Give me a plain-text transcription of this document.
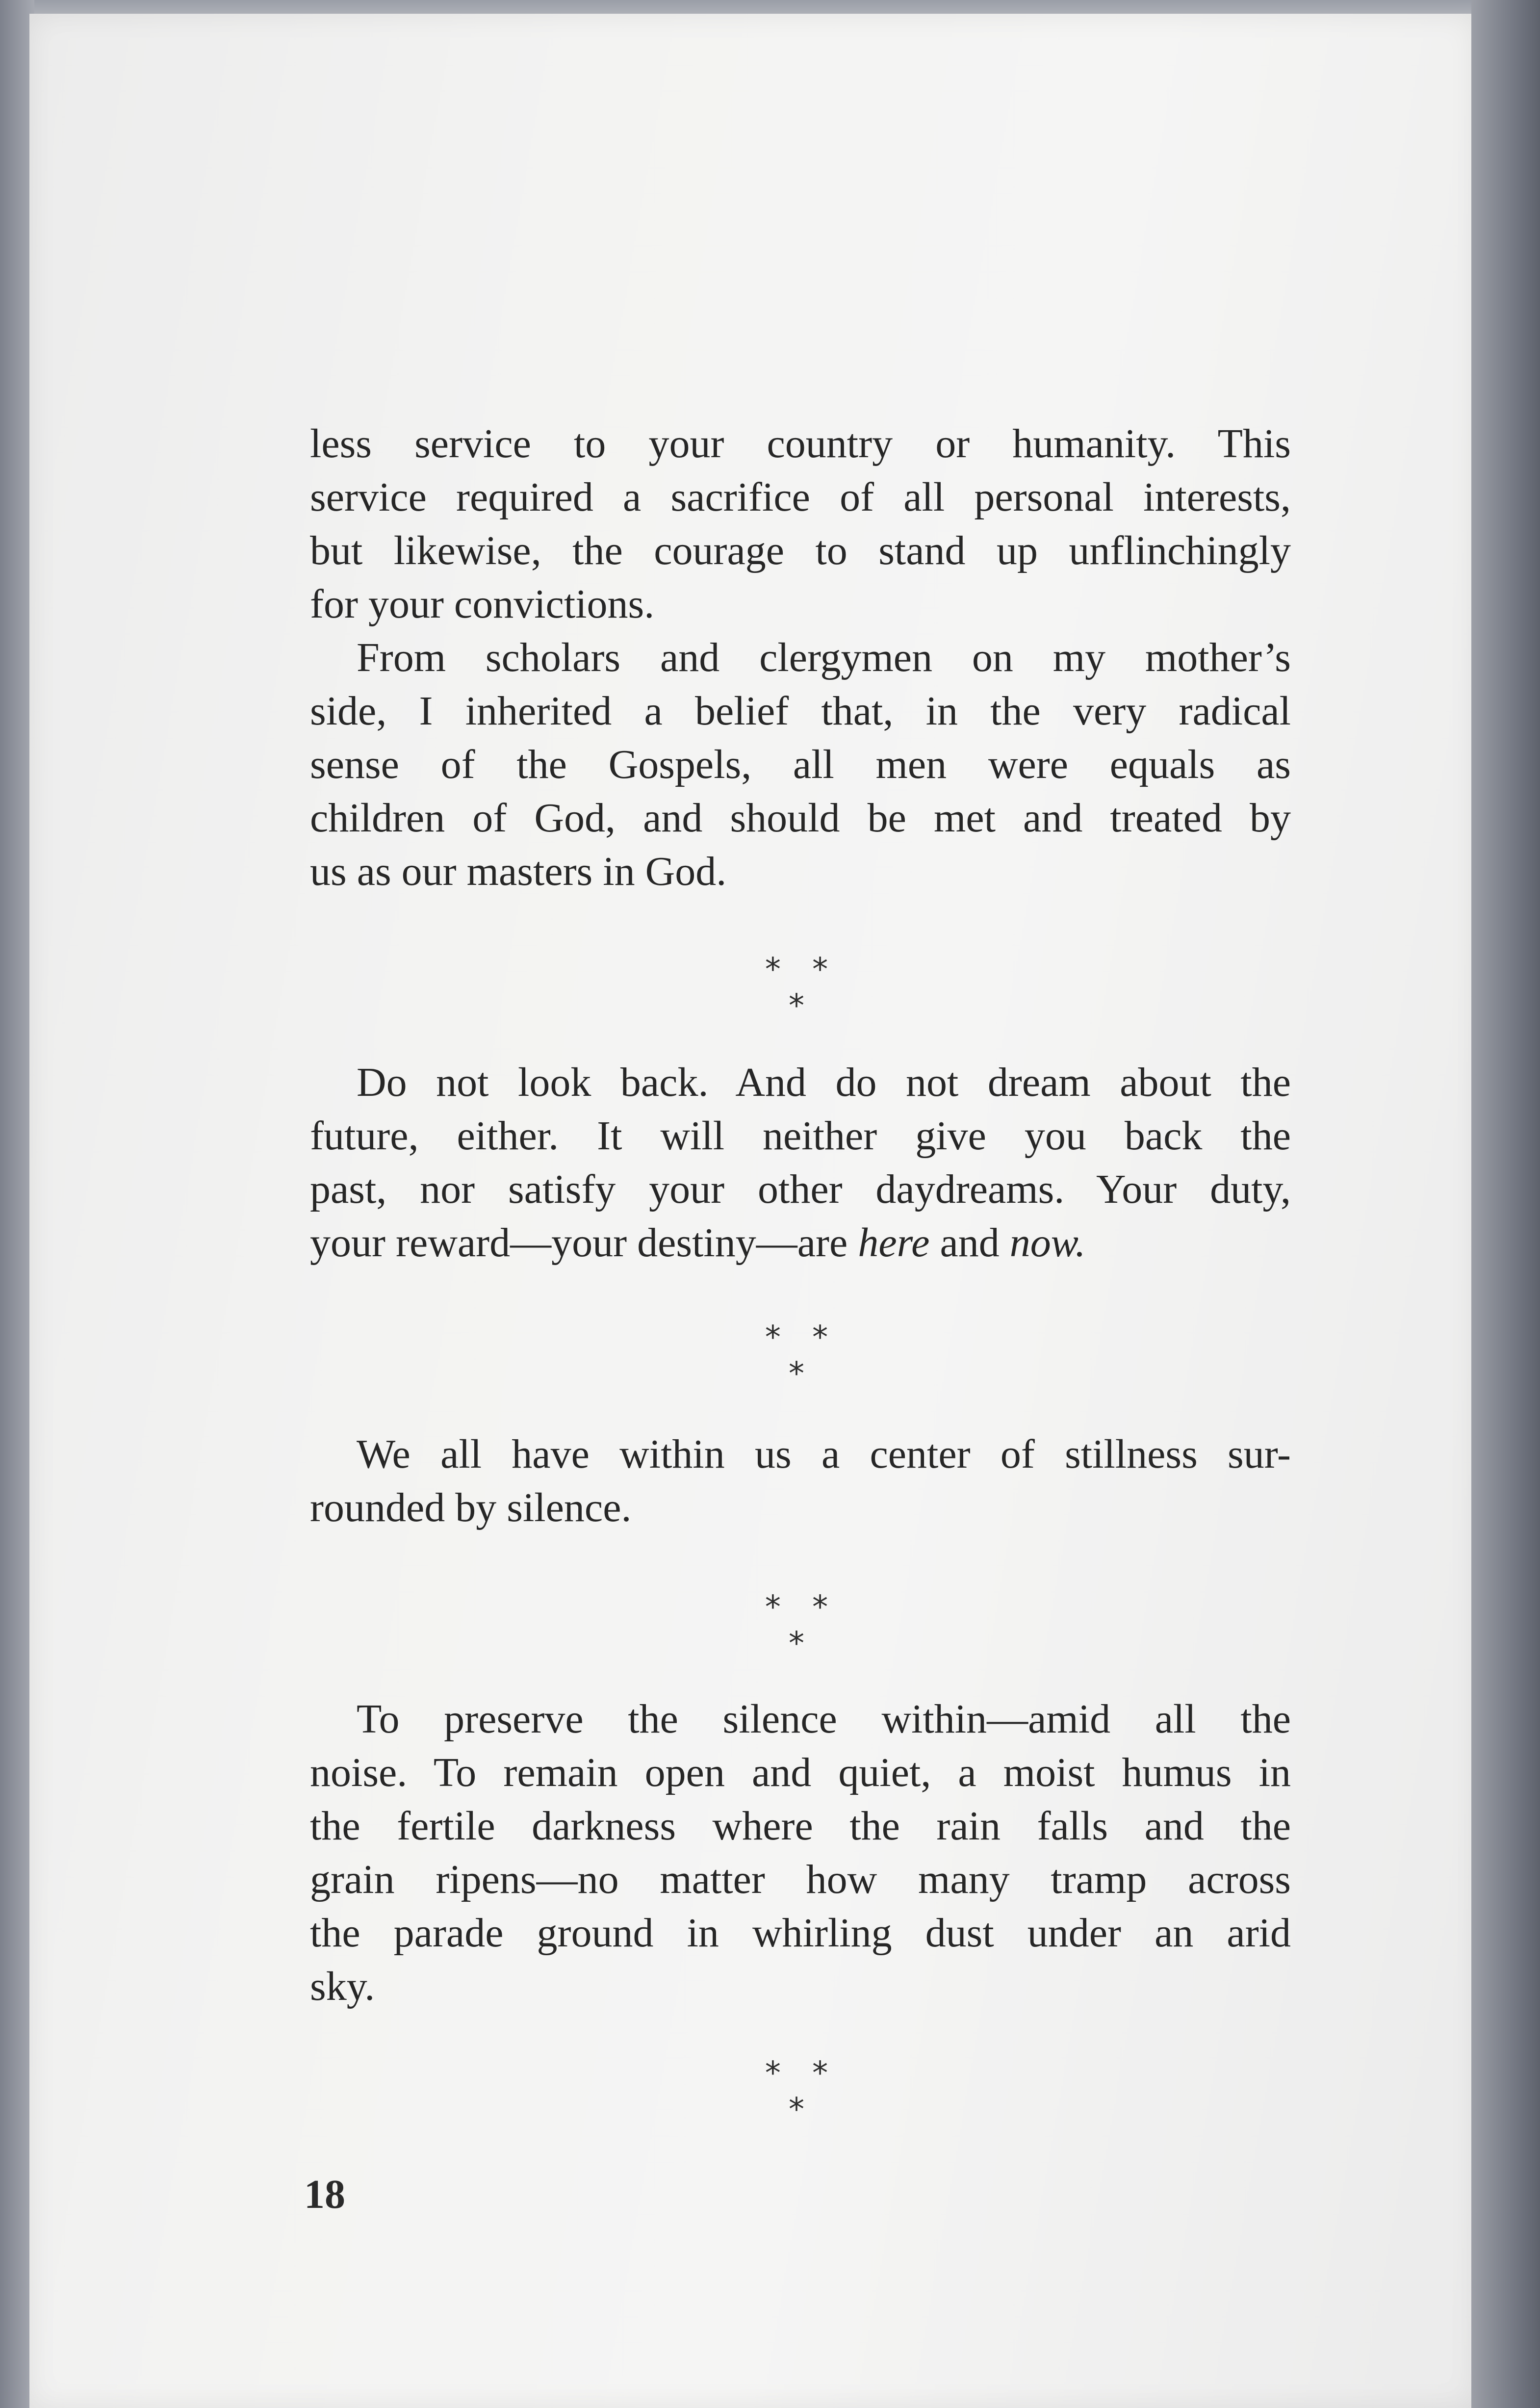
less service to your country or humanity. This
service required a sacrifice of all personal interests,
but likewise, the courage to stand up unflinchingly
for your convictions.
From scholars and clergymen on my mother’s
side, I inherited a belief that, in the very radical
sense of the Gospels, all men were equals as
children of God, and should be met and treated by
us as our masters in God.
* * *
Do not look back. And do not dream about the
future, either. It will neither give you back the
past, nor satisfy your other daydreams. Your duty,
your reward—your destiny—are here and now.
* * *
We all have within us a center of stillness sur-
rounded by silence.
* * *
To preserve the silence within—amid all the
noise. To remain open and quiet, a moist humus in
the fertile darkness where the rain falls and the
grain ripens—no matter how many tramp across
the parade ground in whirling dust under an arid
sky.
* * *
18
